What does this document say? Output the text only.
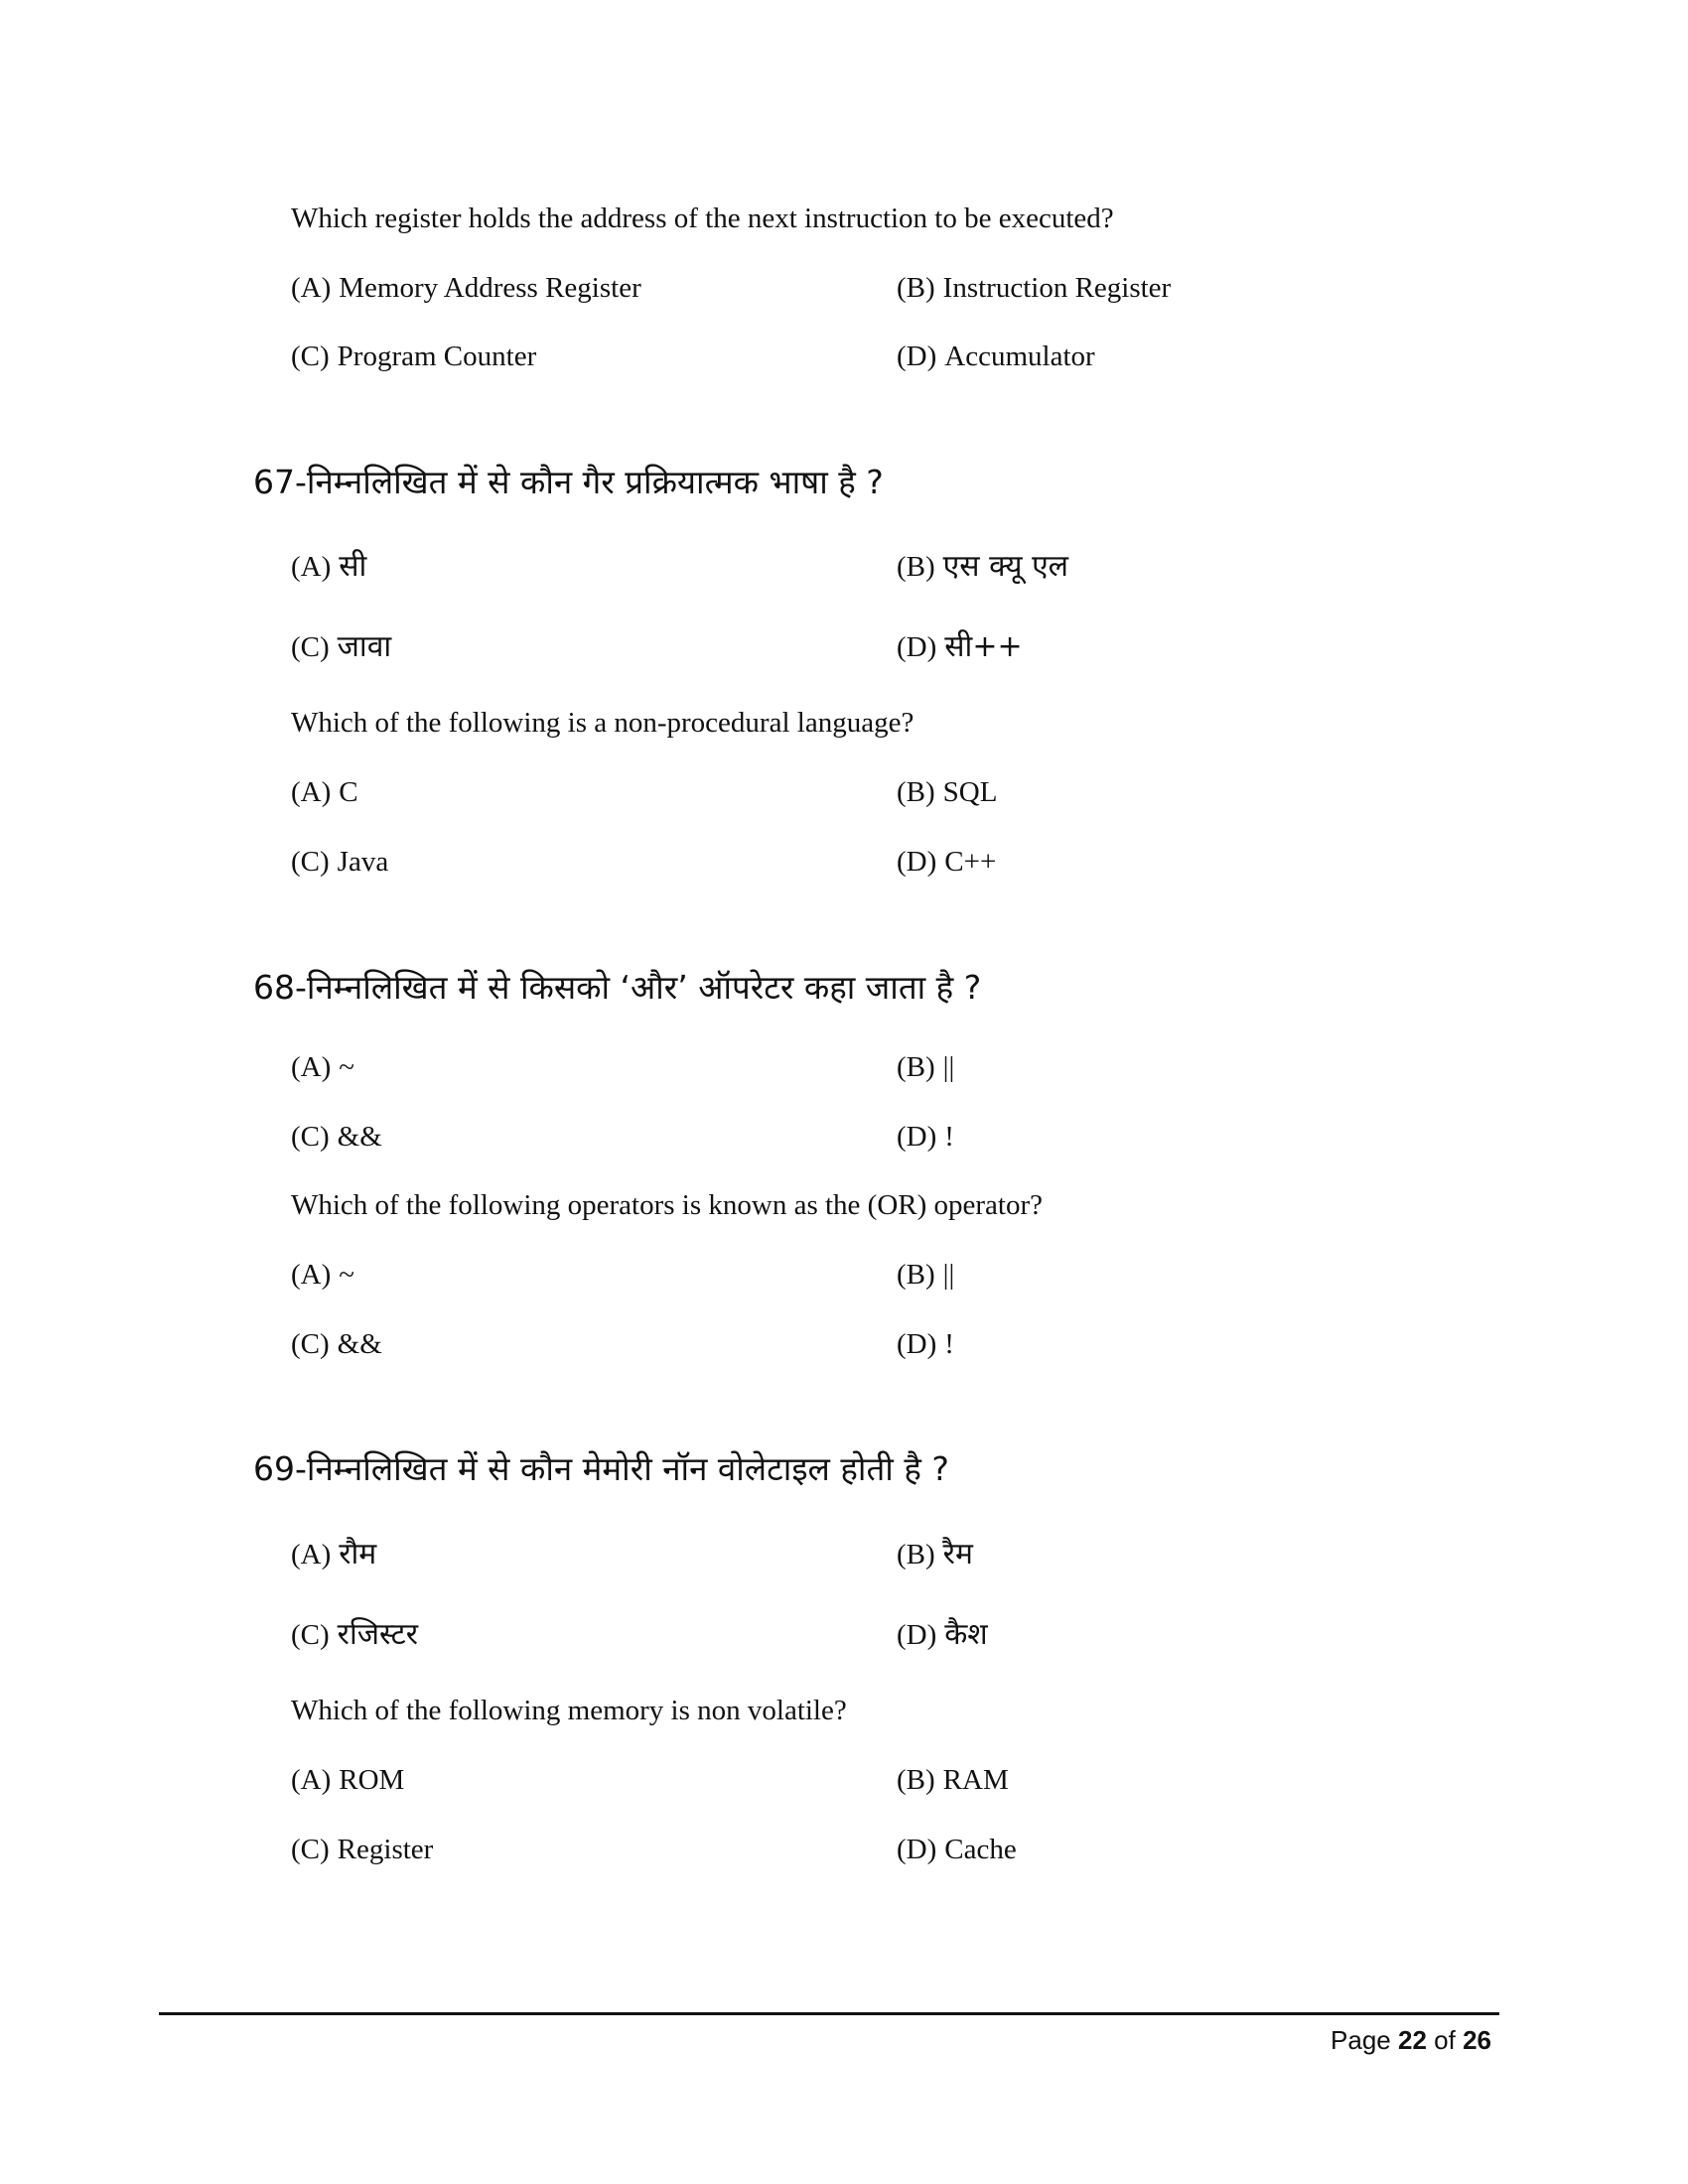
Which register holds the address of the next instruction to be executed?
(A) Memory Address Register	(B) Instruction Register
(C) Program Counter	(D) Accumulator
67-निम्नलिखित में से कौन गैर प्रक्रियात्मक भाषा है ?
(A) सी	(B) एस क्यू एल
(C) जावा	(D) सी++
Which of the following is a non-procedural language?
(A) C	(B) SQL
(C) Java	(D) C++
68-निम्नलिखित में से किसको ‘और’ ऑपरेटर कहा जाता है ?
(A) ~	(B) ||
(C) &&	(D) !
Which of the following operators is known as the (OR) operator?
(A) ~	(B) ||
(C) &&	(D) !
69-निम्नलिखित में से कौन मेमोरी नॉन वोलेटाइल होती है ?
(A) रौम	(B) रैम
(C) रजिस्टर	(D) कैश
Which of the following memory is non volatile?
(A) ROM	(B) RAM
(C) Register	(D) Cache
Page 22 of 26
